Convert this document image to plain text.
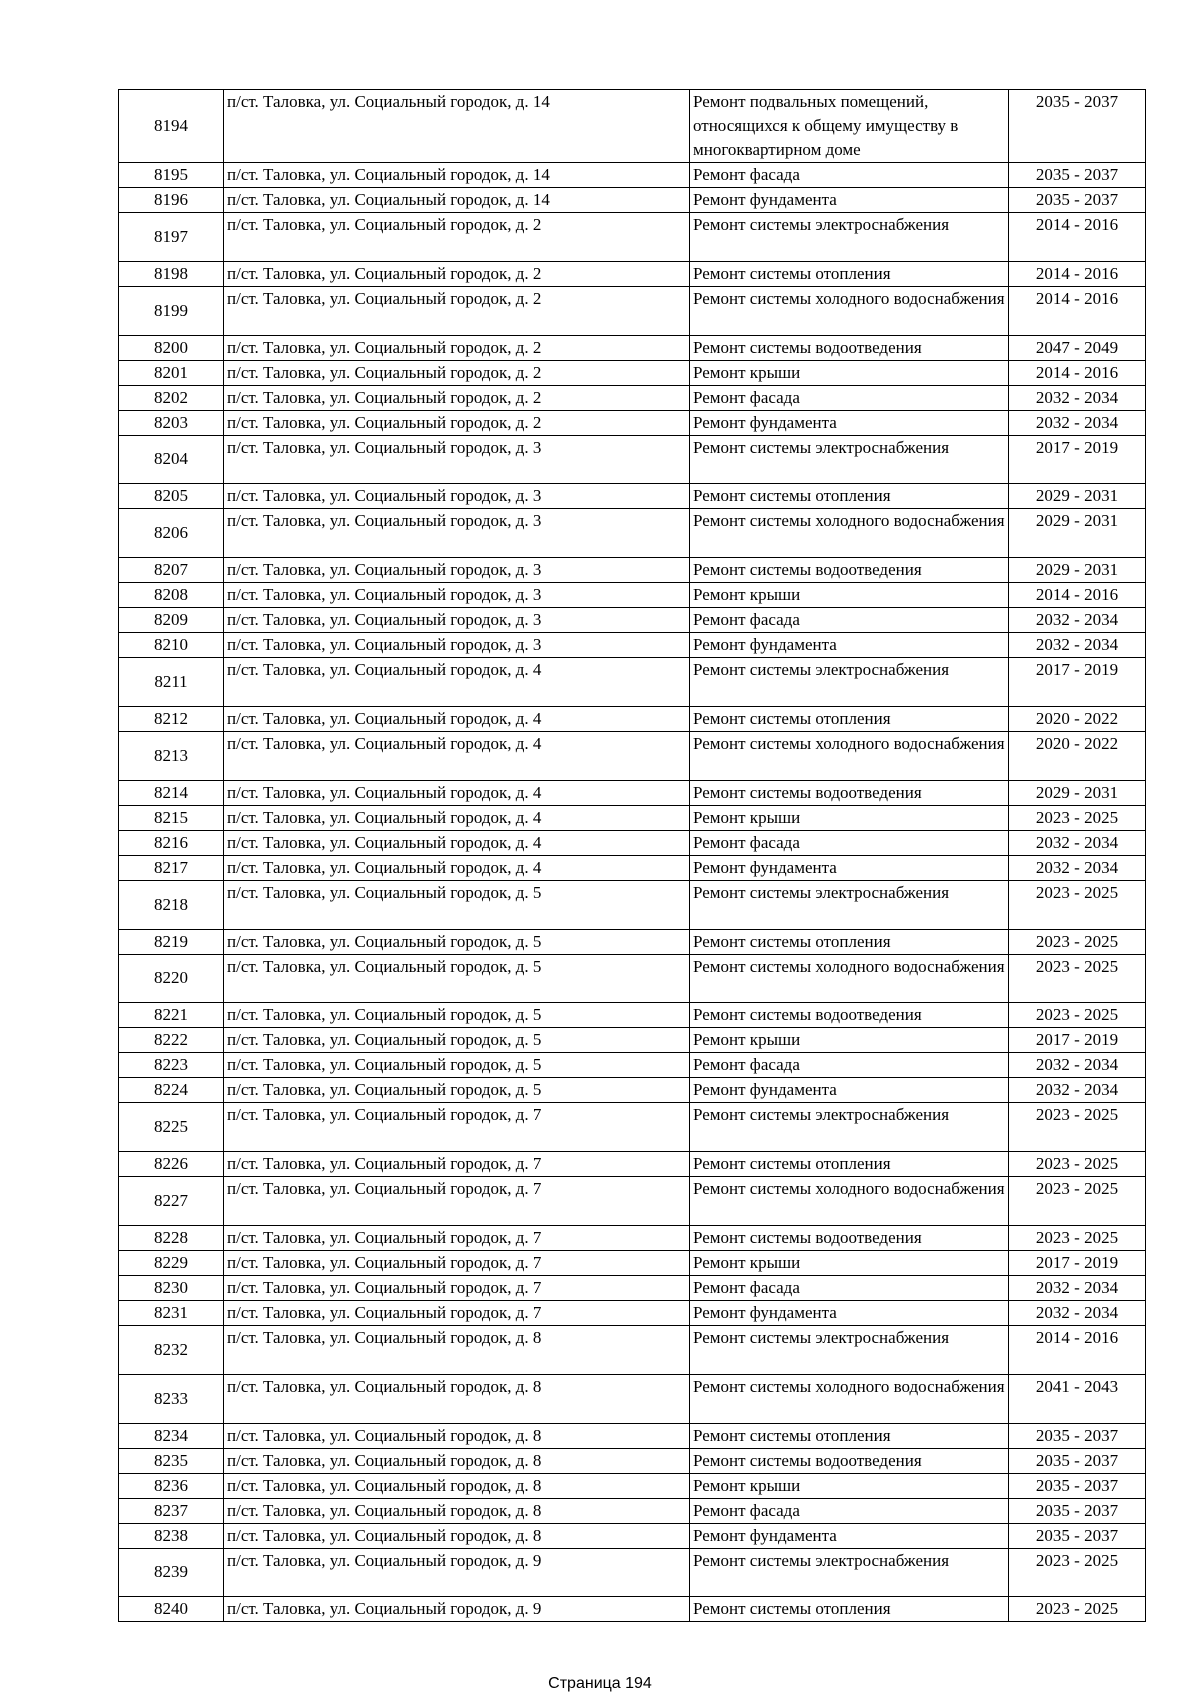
8194	п/ст. Таловка, ул. Социальный городок, д. 14	Ремонт подвальных помещений, относящихся к общему имуществу в многоквартирном доме	2035 - 2037
8195	п/ст. Таловка, ул. Социальный городок, д. 14	Ремонт фасада	2035 - 2037
8196	п/ст. Таловка, ул. Социальный городок, д. 14	Ремонт фундамента	2035 - 2037
8197	п/ст. Таловка, ул. Социальный городок, д. 2	Ремонт системы электроснабжения	2014 - 2016
8198	п/ст. Таловка, ул. Социальный городок, д. 2	Ремонт системы отопления	2014 - 2016
8199	п/ст. Таловка, ул. Социальный городок, д. 2	Ремонт системы холодного водоснабжения	2014 - 2016
8200	п/ст. Таловка, ул. Социальный городок, д. 2	Ремонт системы водоотведения	2047 - 2049
8201	п/ст. Таловка, ул. Социальный городок, д. 2	Ремонт крыши	2014 - 2016
8202	п/ст. Таловка, ул. Социальный городок, д. 2	Ремонт фасада	2032 - 2034
8203	п/ст. Таловка, ул. Социальный городок, д. 2	Ремонт фундамента	2032 - 2034
8204	п/ст. Таловка, ул. Социальный городок, д. 3	Ремонт системы электроснабжения	2017 - 2019
8205	п/ст. Таловка, ул. Социальный городок, д. 3	Ремонт системы отопления	2029 - 2031
8206	п/ст. Таловка, ул. Социальный городок, д. 3	Ремонт системы холодного водоснабжения	2029 - 2031
8207	п/ст. Таловка, ул. Социальный городок, д. 3	Ремонт системы водоотведения	2029 - 2031
8208	п/ст. Таловка, ул. Социальный городок, д. 3	Ремонт крыши	2014 - 2016
8209	п/ст. Таловка, ул. Социальный городок, д. 3	Ремонт фасада	2032 - 2034
8210	п/ст. Таловка, ул. Социальный городок, д. 3	Ремонт фундамента	2032 - 2034
8211	п/ст. Таловка, ул. Социальный городок, д. 4	Ремонт системы электроснабжения	2017 - 2019
8212	п/ст. Таловка, ул. Социальный городок, д. 4	Ремонт системы отопления	2020 - 2022
8213	п/ст. Таловка, ул. Социальный городок, д. 4	Ремонт системы холодного водоснабжения	2020 - 2022
8214	п/ст. Таловка, ул. Социальный городок, д. 4	Ремонт системы водоотведения	2029 - 2031
8215	п/ст. Таловка, ул. Социальный городок, д. 4	Ремонт крыши	2023 - 2025
8216	п/ст. Таловка, ул. Социальный городок, д. 4	Ремонт фасада	2032 - 2034
8217	п/ст. Таловка, ул. Социальный городок, д. 4	Ремонт фундамента	2032 - 2034
8218	п/ст. Таловка, ул. Социальный городок, д. 5	Ремонт системы электроснабжения	2023 - 2025
8219	п/ст. Таловка, ул. Социальный городок, д. 5	Ремонт системы отопления	2023 - 2025
8220	п/ст. Таловка, ул. Социальный городок, д. 5	Ремонт системы холодного водоснабжения	2023 - 2025
8221	п/ст. Таловка, ул. Социальный городок, д. 5	Ремонт системы водоотведения	2023 - 2025
8222	п/ст. Таловка, ул. Социальный городок, д. 5	Ремонт крыши	2017 - 2019
8223	п/ст. Таловка, ул. Социальный городок, д. 5	Ремонт фасада	2032 - 2034
8224	п/ст. Таловка, ул. Социальный городок, д. 5	Ремонт фундамента	2032 - 2034
8225	п/ст. Таловка, ул. Социальный городок, д. 7	Ремонт системы электроснабжения	2023 - 2025
8226	п/ст. Таловка, ул. Социальный городок, д. 7	Ремонт системы отопления	2023 - 2025
8227	п/ст. Таловка, ул. Социальный городок, д. 7	Ремонт системы холодного водоснабжения	2023 - 2025
8228	п/ст. Таловка, ул. Социальный городок, д. 7	Ремонт системы водоотведения	2023 - 2025
8229	п/ст. Таловка, ул. Социальный городок, д. 7	Ремонт крыши	2017 - 2019
8230	п/ст. Таловка, ул. Социальный городок, д. 7	Ремонт фасада	2032 - 2034
8231	п/ст. Таловка, ул. Социальный городок, д. 7	Ремонт фундамента	2032 - 2034
8232	п/ст. Таловка, ул. Социальный городок, д. 8	Ремонт системы электроснабжения	2014 - 2016
8233	п/ст. Таловка, ул. Социальный городок, д. 8	Ремонт системы холодного водоснабжения	2041 - 2043
8234	п/ст. Таловка, ул. Социальный городок, д. 8	Ремонт системы отопления	2035 - 2037
8235	п/ст. Таловка, ул. Социальный городок, д. 8	Ремонт системы водоотведения	2035 - 2037
8236	п/ст. Таловка, ул. Социальный городок, д. 8	Ремонт крыши	2035 - 2037
8237	п/ст. Таловка, ул. Социальный городок, д. 8	Ремонт фасада	2035 - 2037
8238	п/ст. Таловка, ул. Социальный городок, д. 8	Ремонт фундамента	2035 - 2037
8239	п/ст. Таловка, ул. Социальный городок, д. 9	Ремонт системы электроснабжения	2023 - 2025
8240	п/ст. Таловка, ул. Социальный городок, д. 9	Ремонт системы отопления	2023 - 2025
Страница 194
